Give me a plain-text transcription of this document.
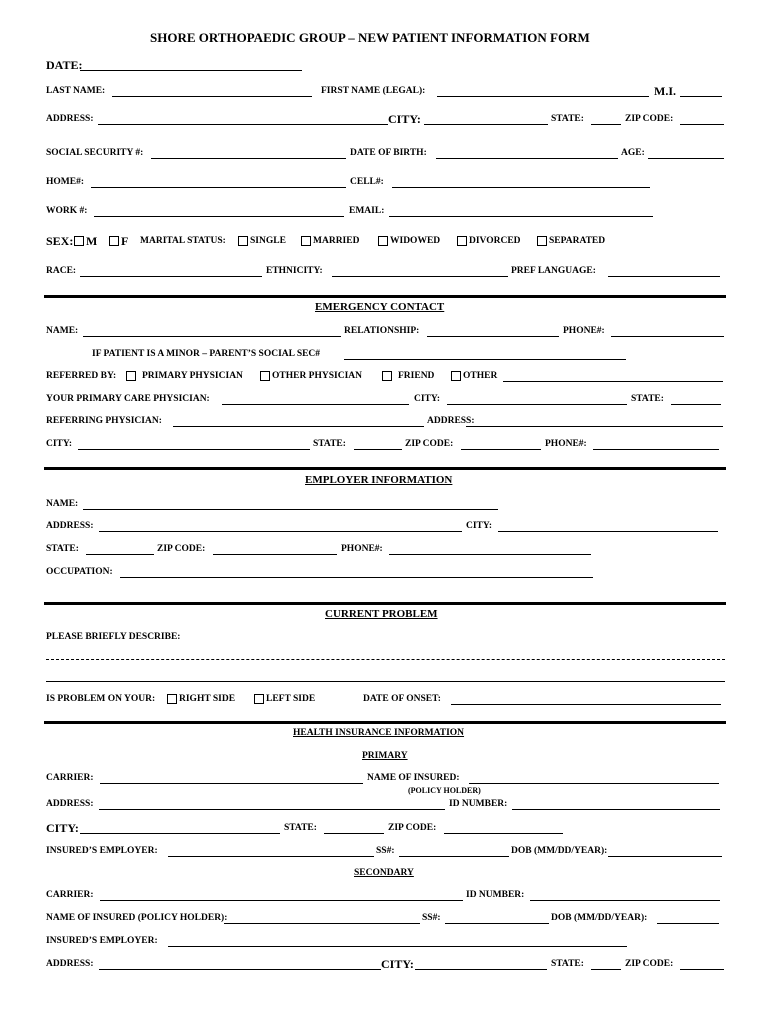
SHORE ORTHOPAEDIC GROUP – NEW PATIENT INFORMATION FORM
DATE:
LAST NAME:	FIRST NAME (LEGAL):	M.I.
ADDRESS:	CITY:	STATE:	ZIP CODE:
SOCIAL SECURITY #:	DATE OF BIRTH:	AGE:
HOME#:	CELL#:
WORK #:	EMAIL:
SEX: M F MARITAL STATUS:	SINGLE	MARRIED	WIDOWED	DIVORCED	SEPARATED
RACE:	ETHNICITY:	PREF LANGUAGE:
EMERGENCY CONTACT
NAME:	RELATIONSHIP:	PHONE#:
IF PATIENT IS A MINOR – PARENT’S SOCIAL SEC#
REFERRED BY:	PRIMARY PHYSICIAN	OTHER PHYSICIAN	FRIEND	OTHER
YOUR PRIMARY CARE PHYSICIAN:	CITY:	STATE:
REFERRING PHYSICIAN:	ADDRESS:
CITY:	STATE:	ZIP CODE:	PHONE#:
EMPLOYER INFORMATION
NAME:
ADDRESS:	CITY:
STATE:	ZIP CODE:	PHONE#:
OCCUPATION:
CURRENT PROBLEM
PLEASE BRIEFLY DESCRIBE:
IS PROBLEM ON YOUR:	RIGHT SIDE	LEFT SIDE	DATE OF ONSET:
HEALTH INSURANCE INFORMATION
PRIMARY
CARRIER:	NAME OF INSURED:
(POLICY HOLDER)
ADDRESS:	ID NUMBER:
CITY:	STATE:	ZIP CODE:
INSURED’S EMPLOYER:	SS#:	DOB (MM/DD/YEAR):
SECONDARY
CARRIER:	ID NUMBER:
NAME OF INSURED (POLICY HOLDER):	SS#:	DOB (MM/DD/YEAR):
INSURED’S EMPLOYER:
ADDRESS:	CITY:	STATE:	ZIP CODE:
